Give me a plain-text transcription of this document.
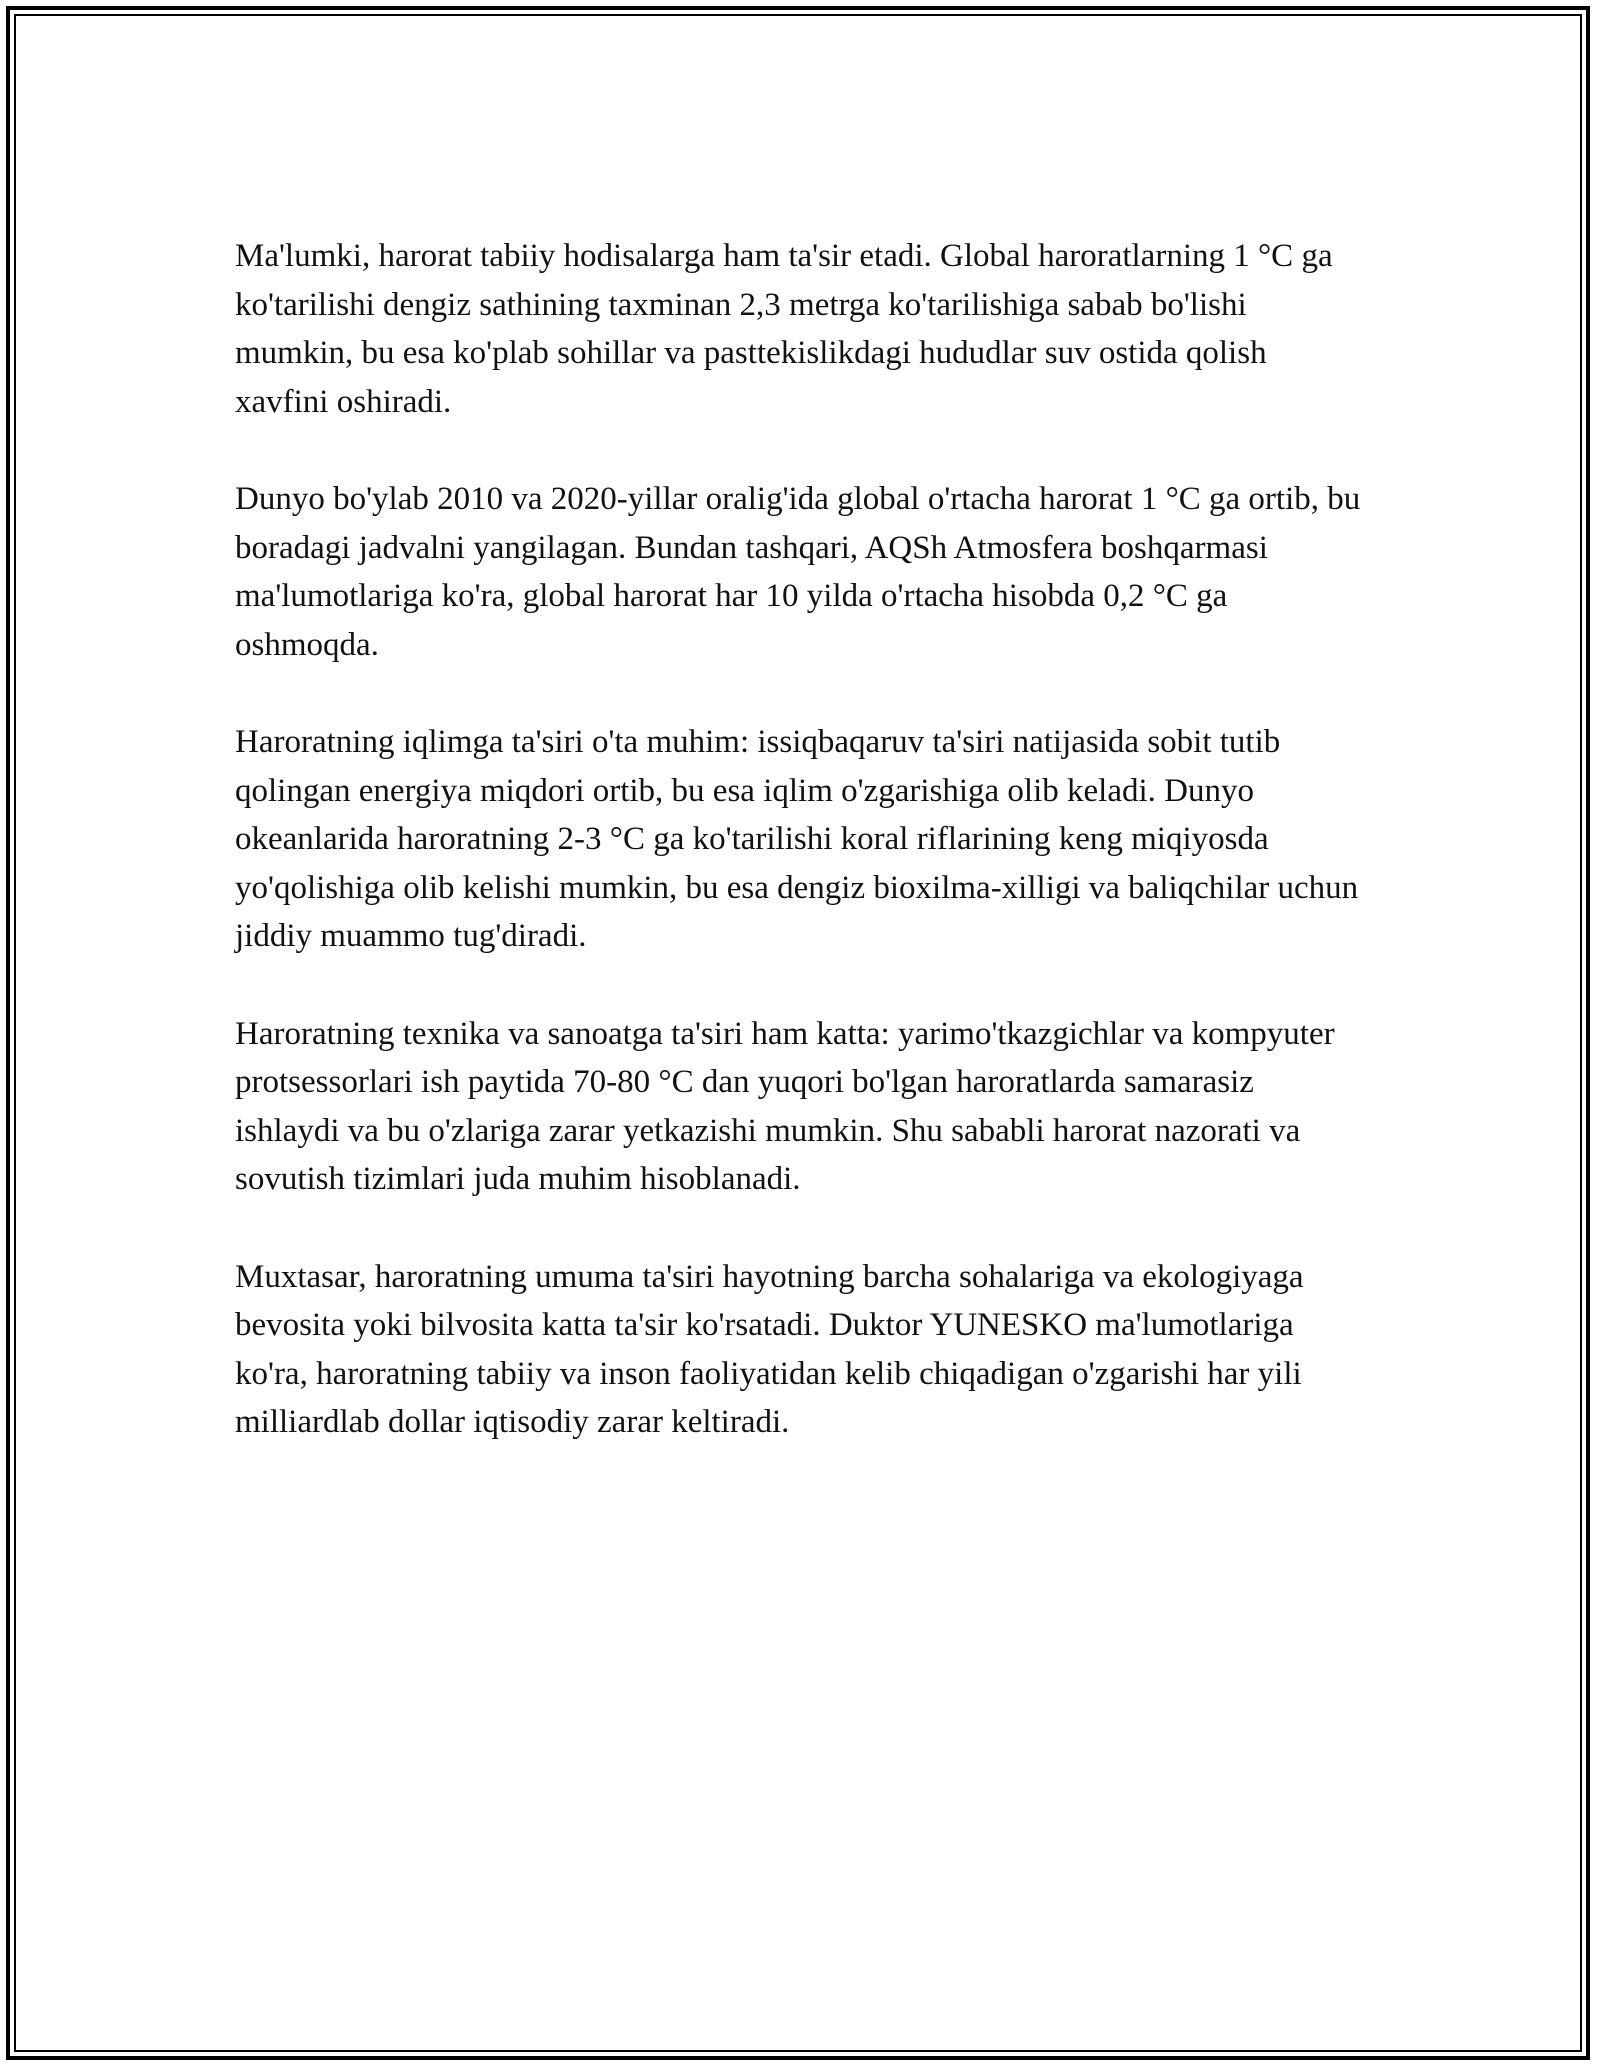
Ma'lumki, harorat tabiiy hodisalarga ham ta'sir etadi. Global haroratlarning 1 °C ga ko'tarilishi dengiz sathining taxminan 2,3 metrga ko'tarilishiga sabab bo'lishi mumkin, bu esa ko'plab sohillar va pasttekislikdagi hududlar suv ostida qolish xavfini oshiradi.

Dunyo bo'ylab 2010 va 2020-yillar oralig'ida global o'rtacha harorat 1 °C ga ortib, bu boradagi jadvalni yangilagan. Bundan tashqari, AQSh Atmosfera boshqarmasi ma'lumotlariga ko'ra, global harorat har 10 yilda o'rtacha hisobda 0,2 °C ga oshmoqda.

Haroratning iqlimga ta'siri o'ta muhim: issiqbaqaruv ta'siri natijasida sobit tutib qolingan energiya miqdori ortib, bu esa iqlim o'zgarishiga olib keladi. Dunyo okeanlarida haroratning 2-3 °C ga ko'tarilishi koral riflarining keng miqiyosda yo'qolishiga olib kelishi mumkin, bu esa dengiz bioxilma-xilligi va baliqchilar uchun jiddiy muammo tug'diradi.

Haroratning texnika va sanoatga ta'siri ham katta: yarimo'tkazgichlar va kompyuter protsessorlari ish paytida 70-80 °C dan yuqori bo'lgan haroratlarda samarasiz ishlaydi va bu o'zlariga zarar yetkazishi mumkin. Shu sababli harorat nazorati va sovutish tizimlari juda muhim hisoblanadi.

Muxtasar, haroratning umuma ta'siri hayotning barcha sohalariga va ekologiyaga bevosita yoki bilvosita katta ta'sir ko'rsatadi. Duktor YUNESKO ma'lumotlariga ko'ra, haroratning tabiiy va inson faoliyatidan kelib chiqadigan o'zgarishi har yili milliardlab dollar iqtisodiy zarar keltiradi.
